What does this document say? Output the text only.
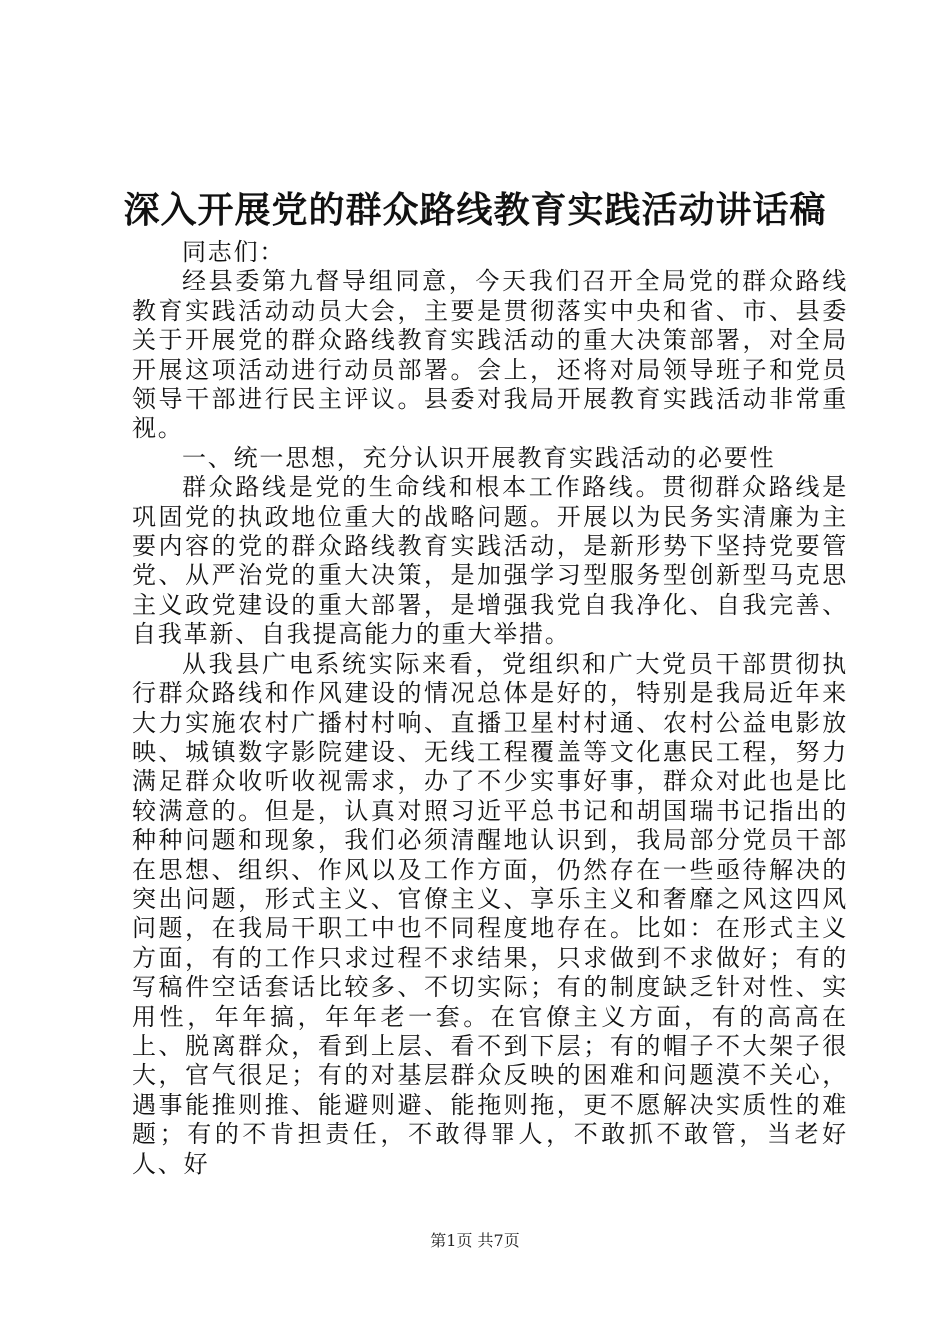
深入开展党的群众路线教育实践活动讲话稿

同志们：

经县委第九督导组同意，今天我们召开全局党的群众路线教育实践活动动员大会，主要是贯彻落实中央和省、市、县委关于开展党的群众路线教育实践活动的重大决策部署，对全局开展这项活动进行动员部署。会上，还将对局领导班子和党员领导干部进行民主评议。县委对我局开展教育实践活动非常重视。

一、统一思想，充分认识开展教育实践活动的必要性

群众路线是党的生命线和根本工作路线。贯彻群众路线是巩固党的执政地位重大的战略问题。开展以为民务实清廉为主要内容的党的群众路线教育实践活动，是新形势下坚持党要管党、从严治党的重大决策，是加强学习型服务型创新型马克思主义政党建设的重大部署，是增强我党自我净化、自我完善、自我革新、自我提高能力的重大举措。

从我县广电系统实际来看，党组织和广大党员干部贯彻执行群众路线和作风建设的情况总体是好的，特别是我局近年来大力实施农村广播村村响、直播卫星村村通、农村公益电影放映、城镇数字影院建设、无线工程覆盖等文化惠民工程，努力满足群众收听收视需求，办了不少实事好事，群众对此也是比较满意的。但是，认真对照习近平总书记和胡国瑞书记指出的种种问题和现象，我们必须清醒地认识到，我局部分党员干部在思想、组织、作风以及工作方面，仍然存在一些亟待解决的突出问题，形式主义、官僚主义、享乐主义和奢靡之风这四风问题，在我局干职工中也不同程度地存在。比如：在形式主义方面，有的工作只求过程不求结果，只求做到不求做好；有的写稿件空话套话比较多、不切实际；有的制度缺乏针对性、实用性，年年搞，年年老一套。在官僚主义方面，有的高高在上、脱离群众，看到上层、看不到下层；有的帽子不大架子很大，官气很足；有的对基层群众反映的困难和问题漠不关心，遇事能推则推、能避则避、能拖则拖，更不愿解决实质性的难题；有的不肯担责任，不敢得罪人，不敢抓不敢管，当老好人、好

第1页 共7页
